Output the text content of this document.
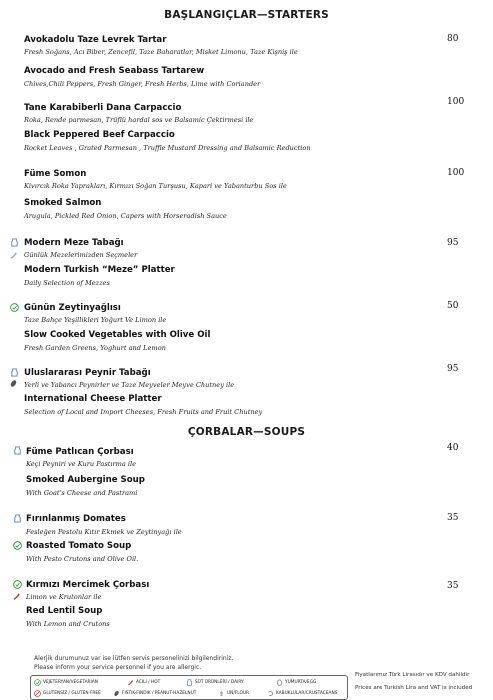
BAŞLANGIÇLAR—STARTERS
Avokadolu Taze Levrek Tartar
Fresh Soğans, Acı Biber, Zencefil, Taze Baharatlar, Misket Limonu, Taze Kişniş ile
Avocado and Fresh Seabass Tartarew
Chives,Chili Peppers, Fresh Ginger, Fresh Herbs, Lime with Coriander
80
Tane Karabiberli Dana Carpaccio
Roka, Rende parmesan, Trüflü hardal sos ve Balsamic Çektirmesi ile
Black Peppered Beef Carpaccio
Rocket Leaves , Grated Parmesan , Truffle Mustard Dressing and Balsamic Reduction
100
Füme Somon
Kivırcık Roka Yaprakları, Kırmızı Soğan Turşusu, Kapari ve Yabanturbu Sos ile
Smoked Salmon
Arugula, Pickled Red Onion, Capers with Horseradish Sauce
100
Modern Meze Tabağı
Günlük Mezelerimizden Seçmeler
Modern Turkish “Meze” Platter
Daily Selection of Mezzes
95
Günün Zeytinyağlısı
Taze Bahçe Yeşillikleri Yoğurt Ve Limon ile
Slow Cooked Vegetables with Olive Oil
Fresh Garden Greens, Yoghurt and Lemon
50
Uluslararası Peynir Tabağı
Yerli ve Yabancı Peynirler ve Taze Meyveler Meyve Chutney ile
International Cheese Platter
Selection of Local and Import Cheeses, Fresh Fruits and Fruit Chutney
95
ÇORBALAR—SOUPS
Füme Patlıcan Çorbası
Keçi Peyniri ve Kuru Pastırma ile
Smoked Aubergine Soup
With Goat's Cheese and Pastrami
40
Fırınlanmış Domates
Fesleğen Pestolu Kıtır Ekmek ve Zeytinyağı ile
Roasted Tomato Soup
With Pesto Crutons and Olive Oil.
35
Kırmızı Mercimek Çorbası
Limon ve Krutonlar ile
Red Lentil Soup
With Lemon and Crutons
35
Alerjik durumunuz var ise lütfen servis personelinizi bilgilendiriniz.
Please inform your service personnel if you are allergic.
Fiyatlarımız Türk Lirasıdır ve KDV dahildir
Prices are Turkish Lira and VAT is included
VEJETERYAN/VEGETARIAN	ACILI / HOT	SÜT ÜRÜNLERİ / DAIRY	YUMURTA/EGG
GLUTENSİZ / GLUTEN FREE	FISTIK-FINDIK / PEANUT-HAZELNUT	UN/FLOUR	KABUKLULAR/CRUSTACEANS
